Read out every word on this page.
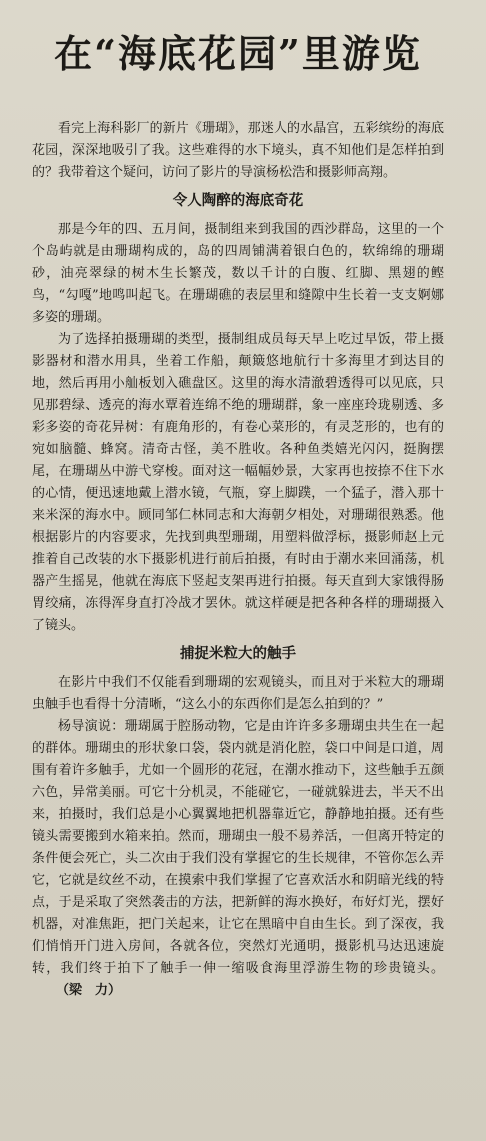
在“海底花园”里游览

看完上海科影厂的新片《珊瑚》，那迷人的水晶宫，五彩缤纷的海底花园，深深地吸引了我。这些难得的水下境头，真不知他们是怎样拍到的？我带着这个疑问，访问了影片的导演杨松浩和摄影师高翔。

令人陶醉的海底奇花

那是今年的四、五月间，摄制组来到我国的西沙群岛，这里的一个个岛屿就是由珊瑚构成的，岛的四周铺满着银白色的，软绵绵的珊瑚砂，油亮翠绿的树木生长繁茂，数以千计的白腹、红脚、黑翅的鲣鸟，“勾嘎”地鸣叫起飞。在珊瑚礁的表层里和缝隙中生长着一支支婀娜多姿的珊瑚。

为了选择拍摄珊瑚的类型，摄制组成员每天早上吃过早饭，带上摄影器材和潜水用具，坐着工作船，颠簸悠地航行十多海里才到达目的地，然后再用小舢板划入礁盘区。这里的海水清澈碧透得可以见底，只见那碧绿、透亮的海水覃着连绵不绝的珊瑚群，象一座座玲珑剔透、多彩多姿的奇花异树：有鹿角形的，有卷心菜形的，有灵芝形的，也有的宛如脑髓、蜂窝。清奇古怪，美不胜收。各种鱼类嬉光闪闪，挺胸摆尾，在珊瑚丛中游弋穿梭。面对这一幅幅妙景，大家再也按捺不住下水的心情，便迅速地戴上潜水镜，气瓶，穿上脚蹼，一个猛子，潜入那十来米深的海水中。顾同邹仁林同志和大海朝夕相处，对珊瑚很熟悉。他根据影片的内容要求，先找到典型珊瑚，用塑料做浮标，摄影师赵上元推着自己改装的水下摄影机进行前后拍摄，有时由于潮水来回涌荡，机器产生摇晃，他就在海底下竖起支架再进行拍摄。每天直到大家饿得肠胃绞痛，冻得浑身直打冷战才罢休。就这样硬是把各种各样的珊瑚摄入了镜头。

捕捉米粒大的触手

在影片中我们不仅能看到珊瑚的宏观镜头，而且对于米粒大的珊瑚虫触手也看得十分清晰，“这么小的东西你们是怎么拍到的？”

杨导演说：珊瑚属于腔肠动物，它是由许许多多珊瑚虫共生在一起的群体。珊瑚虫的形状象口袋，袋内就是消化腔，袋口中间是口道，周围有着许多触手，尤如一个圆形的花冠，在潮水推动下，这些触手五颜六色，异常美丽。可它十分机灵，不能碰它，一碰就躲进去，半天不出来，拍摄时，我们总是小心翼翼地把机器靠近它，静静地拍摄。还有些镜头需要搬到水箱来拍。然而，珊瑚虫一般不易养活，一但离开特定的条件便会死亡，头二次由于我们没有掌握它的生长规律，不管你怎么弄它，它就是纹丝不动，在摸索中我们掌握了它喜欢活水和阴暗光线的特点，于是采取了突然袭击的方法，把新鲜的海水换好，布好灯光，摆好机器，对准焦距，把门关起来，让它在黑暗中自由生长。到了深夜，我们悄悄开门进入房间，各就各位，突然灯光通明，摄影机马达迅速旋转，我们终于拍下了触手一伸一缩吸食海里浮游生物的珍贵镜头。（梁　力）
